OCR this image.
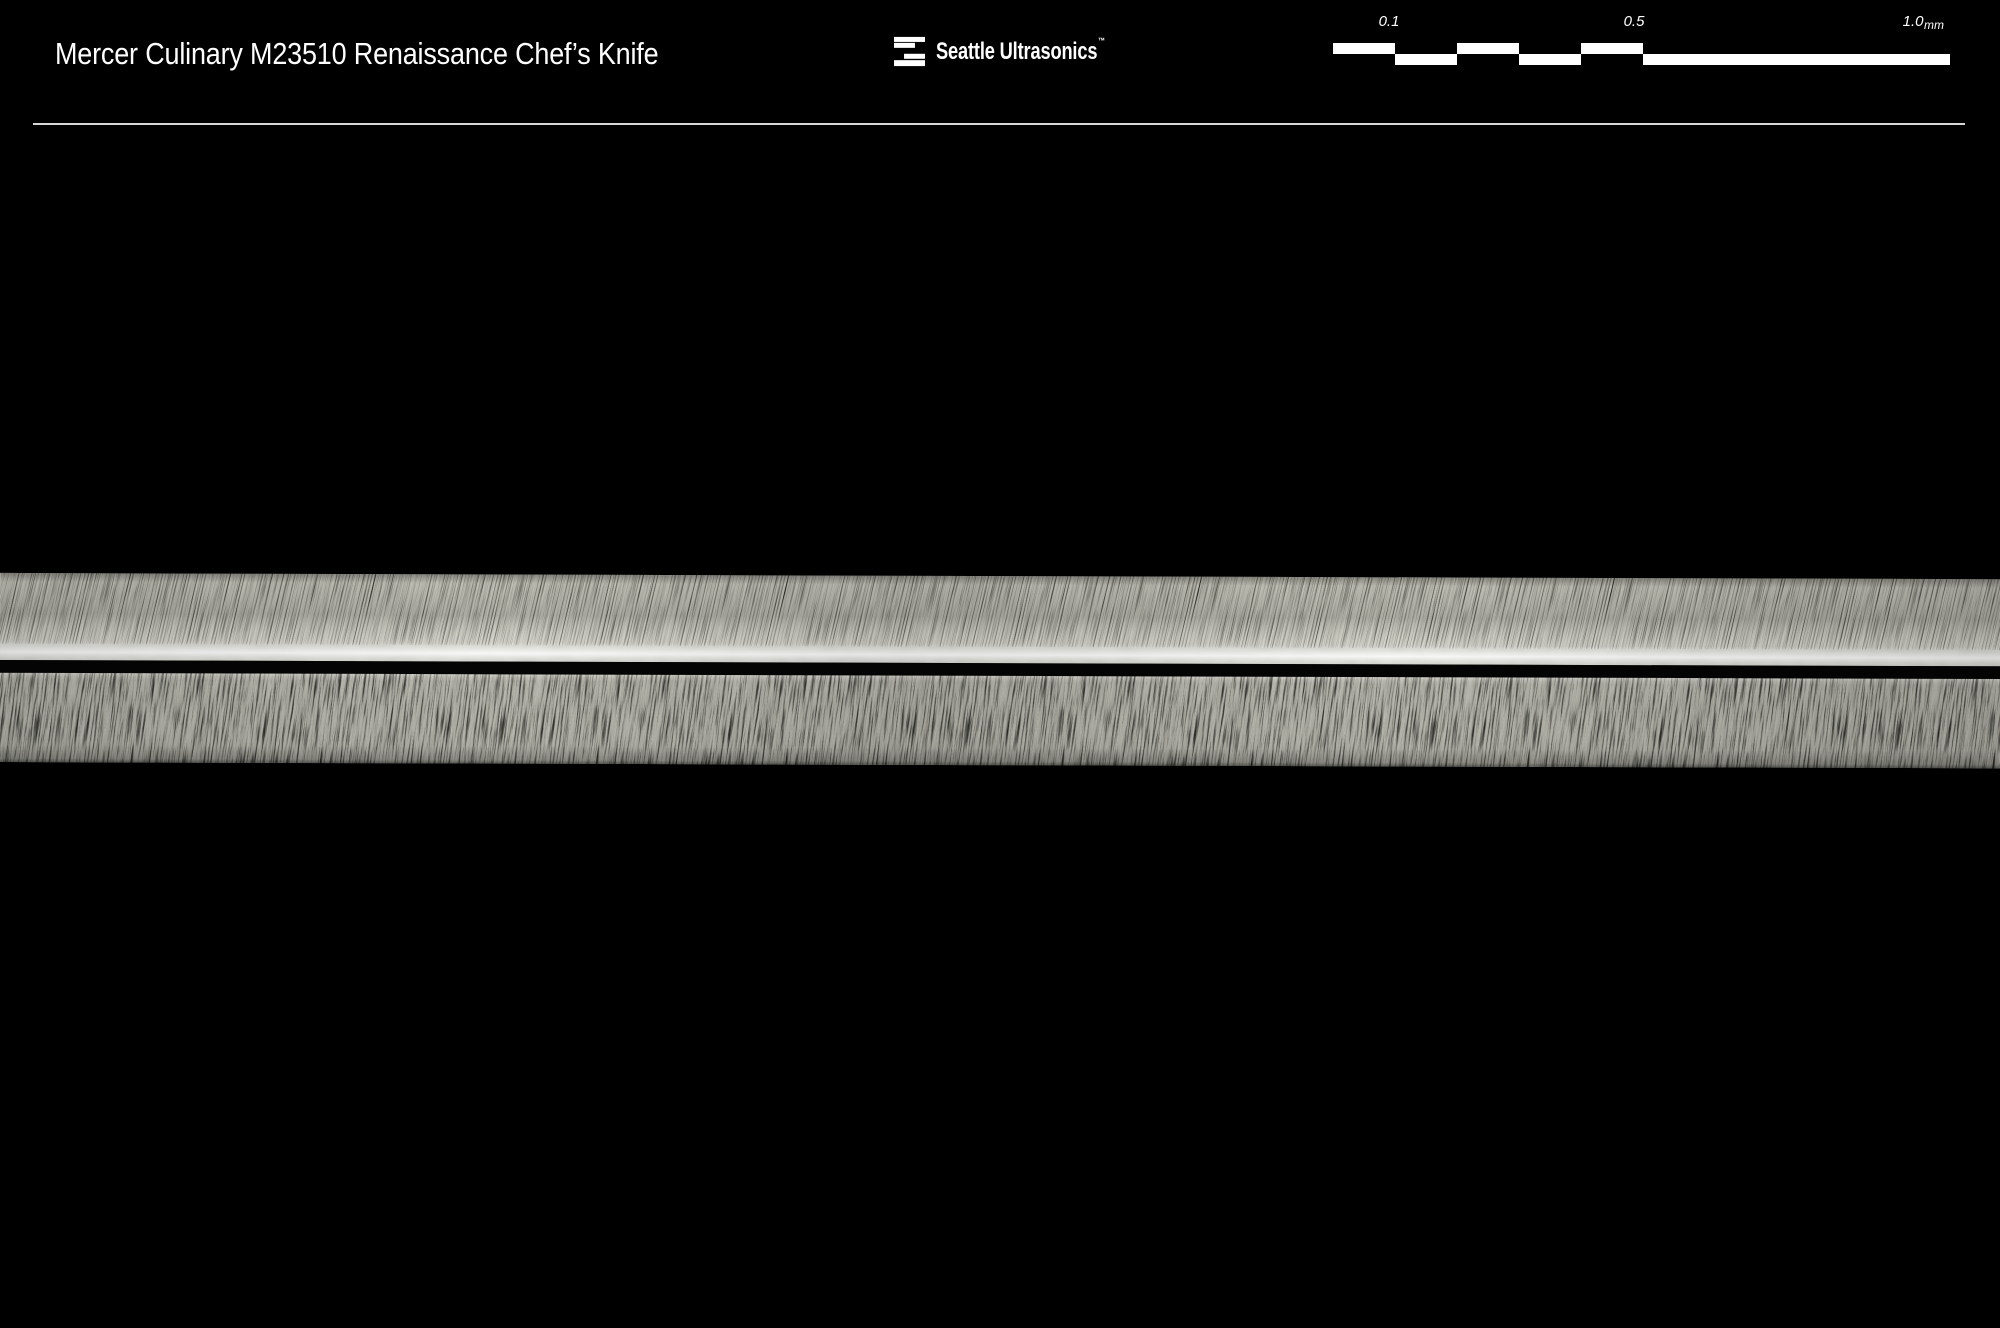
Mercer Culinary M23510 Renaissance Chef’s Knife	Seattle Ultrasonics™
0.1	0.5	$1.0_{mm}$
